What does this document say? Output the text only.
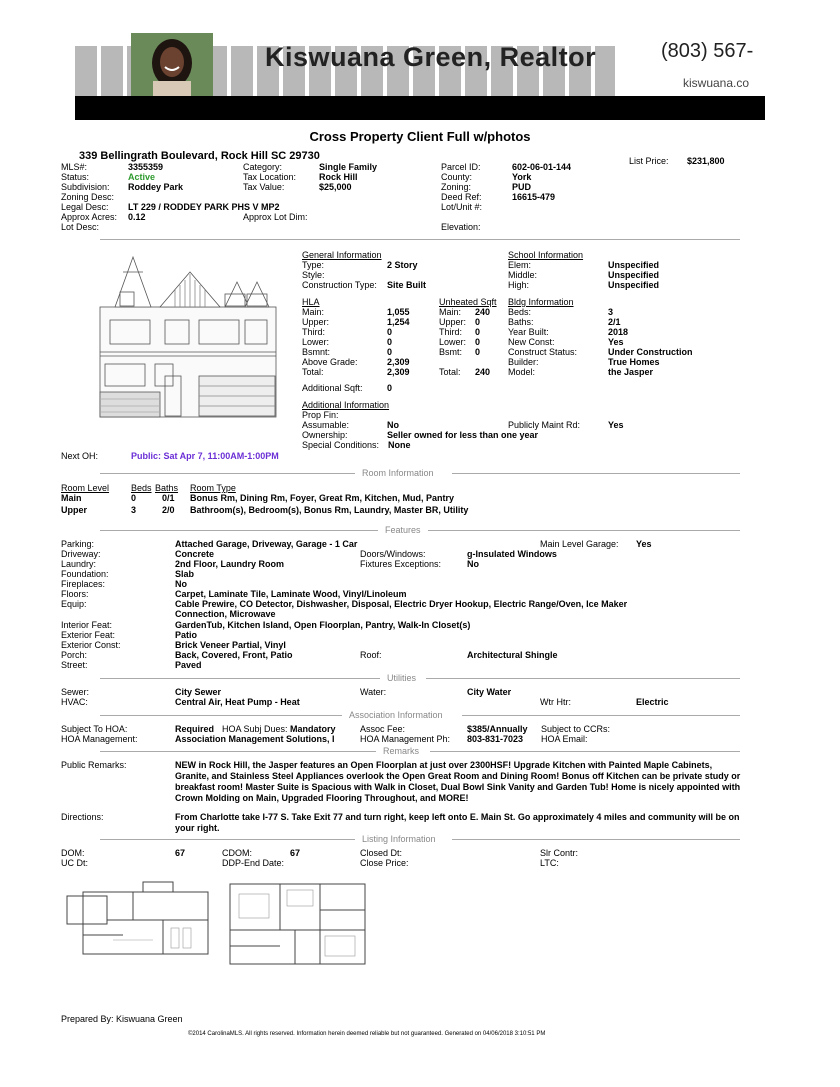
Kiswuana Green, Realtor	(803) 567-
kiswuana.co
Cross Property Client Full w/photos
339 Bellingrath Boulevard, Rock Hill SC 29730	List Price: $231,800
MLS#:	3355359
Status:	Active
Subdivision: Roddey Park
Zoning Desc:
Legal Desc: LT 229 / RODDEY PARK PHS V MP2
Approx Acres: 0.12
Lot Desc:
Category:	Single Family
Tax Location:	Rock Hill
Tax Value:	$25,000
Approx Lot Dim:
Parcel ID:	602-06-01-144
County:	York
Zoning:	PUD
Deed Ref:	16615-479
Lot/Unit #:
Elevation:
General Information
Type:	2 Story
Style:
Construction Type: Site Built
School Information
Elem:	Unspecified
Middle:	Unspecified
High:	Unspecified
HLA
Main:	1,055
Upper:	1,254
Third:	0
Lower:	0
Bsmnt:	0
Above Grade:	2,309
Total:	2,309
Additional Sqft:	0
Unheated Sqft
Main: 240
Upper: 0
Third: 0
Lower: 0
Bsmt: 0
Total: 240
Bldg Information
Beds:	3
Baths:	2/1
Year Built:	2018
New Const:	Yes
Construct Status:	Under Construction
Builder:	True Homes
Model:	the Jasper
Additional Information
Prop Fin:
Assumable:	No	Publicly Maint Rd:	Yes
Ownership:	Seller owned for less than one year
Special Conditions: None
Next OH:	Public: Sat Apr 7, 11:00AM-1:00PM
Room Information
Room Level Beds Baths Room Type
Main	0	0/1 Bonus Rm, Dining Rm, Foyer, Great Rm, Kitchen, Mud, Pantry
Upper	3	2/0 Bathroom(s), Bedroom(s), Bonus Rm, Laundry, Master BR, Utility
Features
Parking:	Attached Garage, Driveway, Garage - 1 Car	Main Level Garage: Yes
Driveway:	Concrete	Doors/Windows:	g-Insulated Windows
Laundry:	2nd Floor, Laundry Room	Fixtures Exceptions:	No
Foundation:	Slab
Fireplaces:	No
Floors:	Carpet, Laminate Tile, Laminate Wood, Vinyl/Linoleum
Equip:	Cable Prewire, CO Detector, Dishwasher, Disposal, Electric Dryer Hookup, Electric Range/Oven, Ice Maker
Connection, Microwave
Interior Feat:	GardenTub, Kitchen Island, Open Floorplan, Pantry, Walk-In Closet(s)
Exterior Feat:	Patio
Exterior Const:	Brick Veneer Partial, Vinyl
Porch:	Back, Covered, Front, Patio	Roof:	Architectural Shingle
Street:	Paved
Utilities
Sewer:	City Sewer	Water:	City Water
HVAC:	Central Air, Heat Pump - Heat	Wtr Htr:	Electric
Association Information
Subject To HOA:	Required HOA Subj Dues: Mandatory	Assoc Fee:	$385/Annually Subject to CCRs:
HOA Management:	Association Management Solutions, I	HOA Management Ph: 803-831-7023 HOA Email:
Remarks
Public Remarks:	NEW in Rock Hill, the Jasper features an Open Floorplan at just over 2300HSF! Upgrade Kitchen with Painted Maple Cabinets, Granite, and Stainless Steel Appliances overlook the Open Great Room and Dining Room! Bonus off Kitchen can be private study or breakfast room! Master Suite is Spacious with Walk in Closet, Dual Bowl Sink Vanity and Garden Tub! Home is nicely appointed with Crown Molding on Main, Upgraded Flooring Throughout, and MORE!
Directions:	From Charlotte take I-77 S. Take Exit 77 and turn right, keep left onto E. Main St. Go approximately 4 miles and community will be on your right.
Listing Information
DOM:	67	CDOM:	67	Closed Dt:	Slr Contr:
UC Dt:	DDP-End Date:	Close Price:	LTC:
Prepared By: Kiswuana Green
©2014 CarolinaMLS. All rights reserved. Information herein deemed reliable but not guaranteed. Generated on 04/06/2018 3:10:51 PM
